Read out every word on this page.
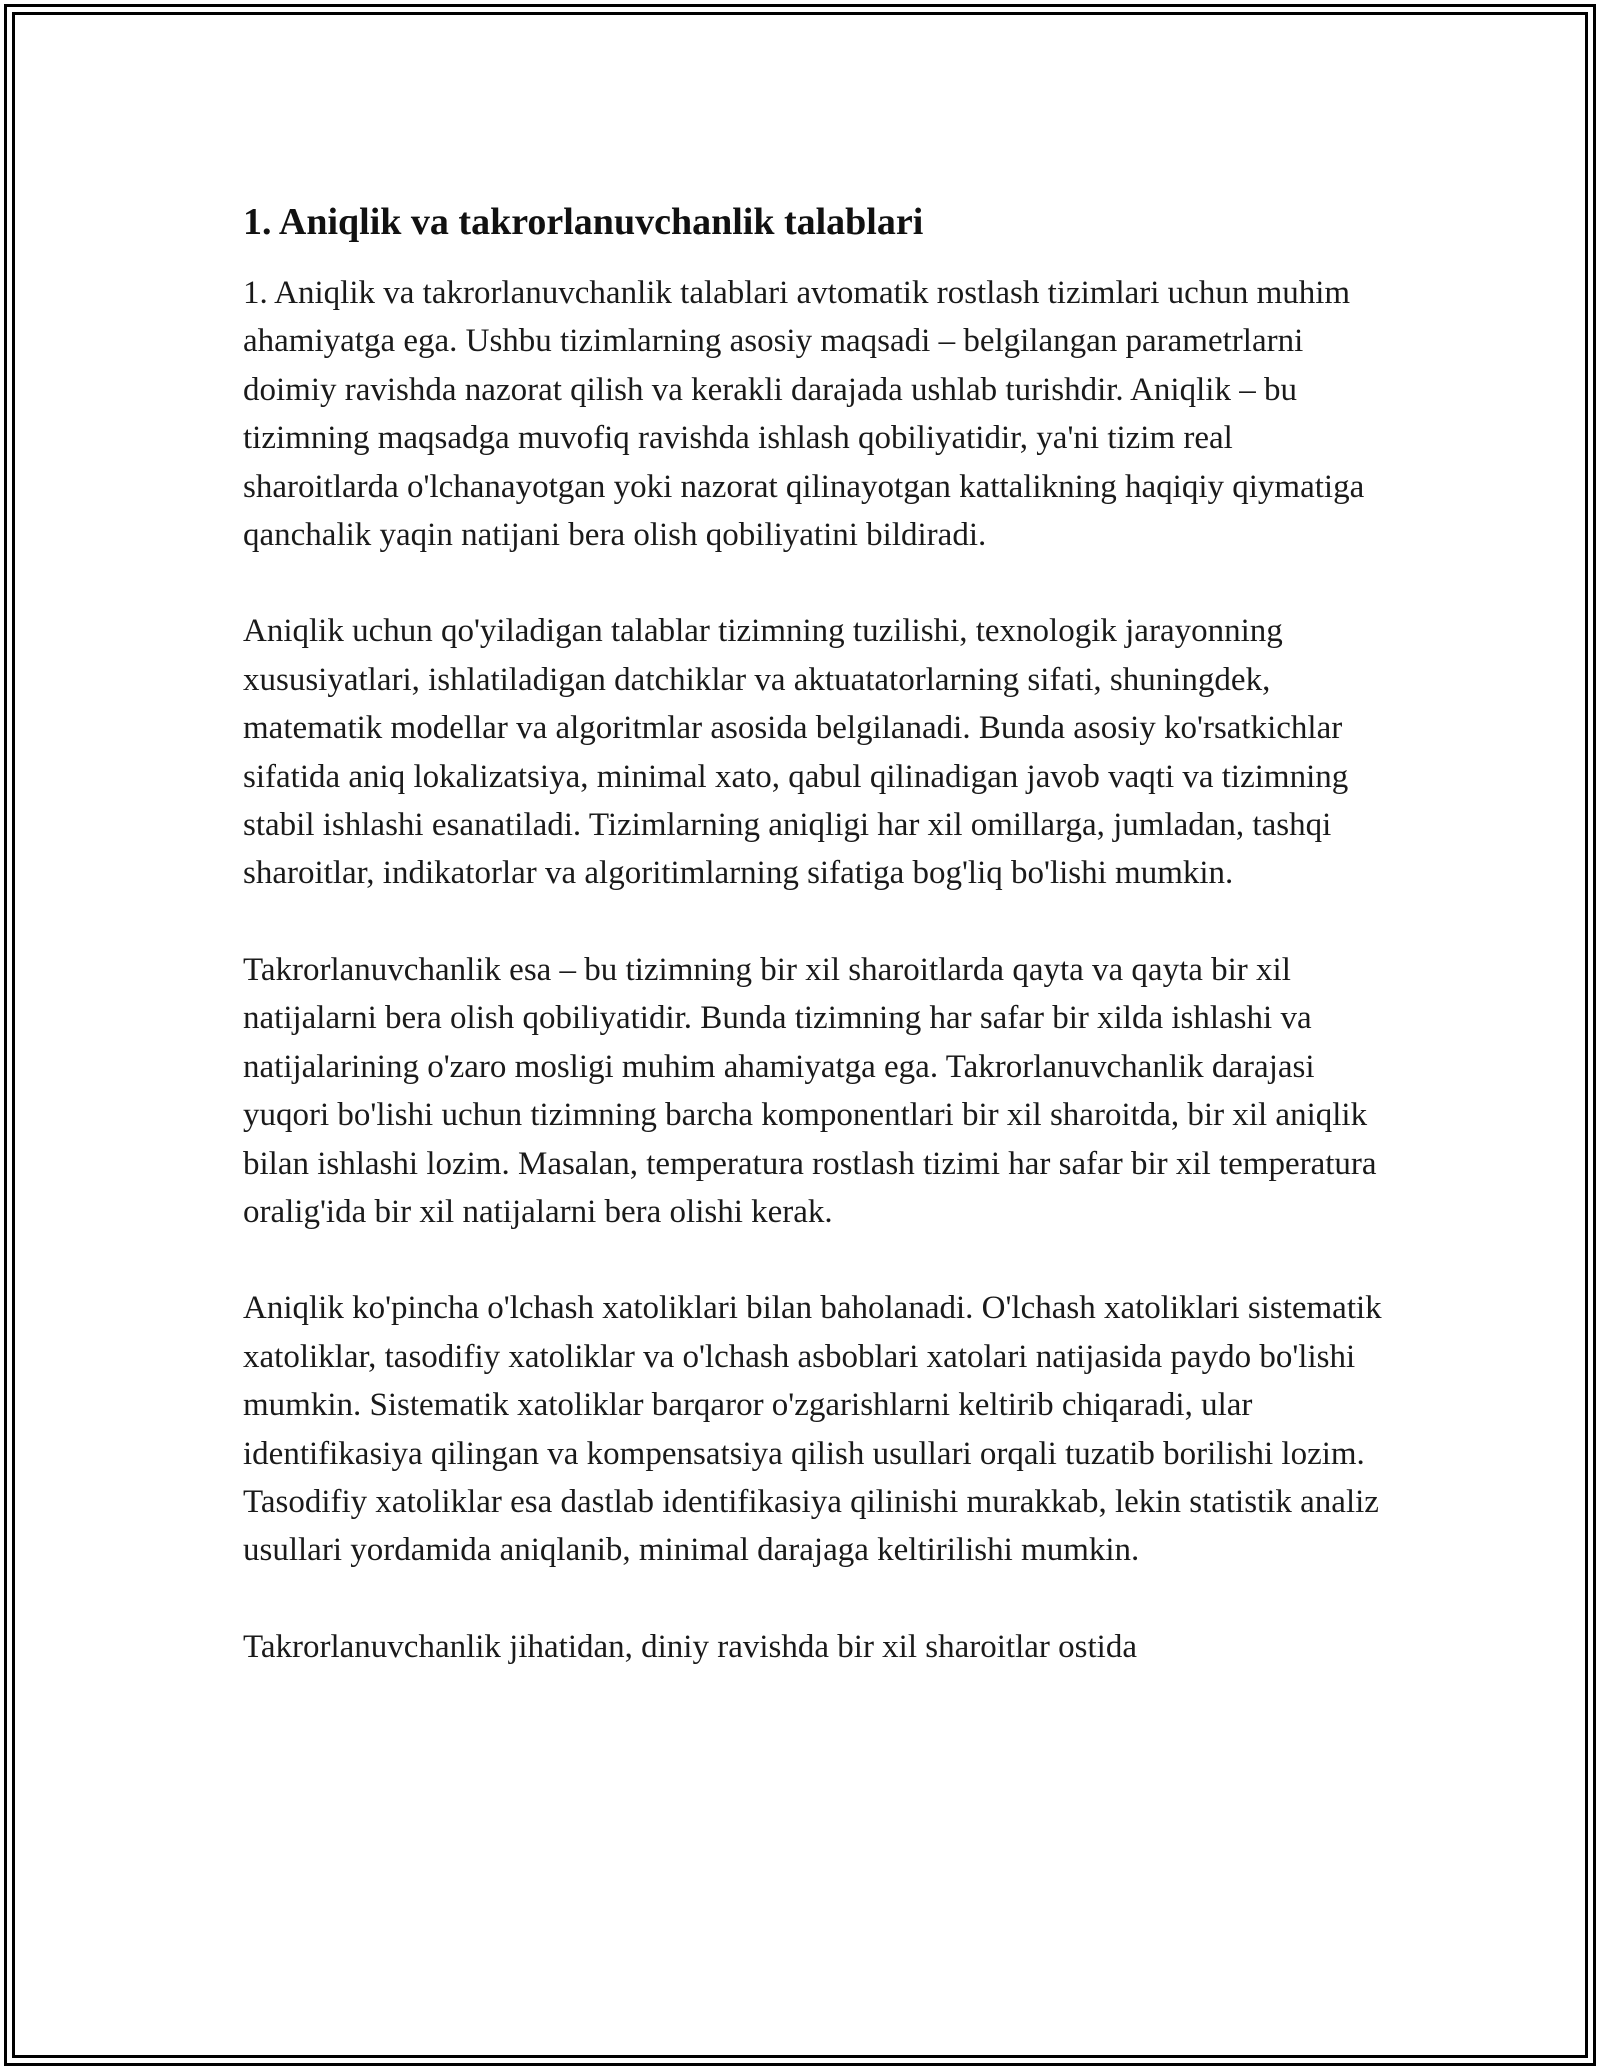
1. Aniqlik va takrorlanuvchanlik talablari

1. Aniqlik va takrorlanuvchanlik talablari avtomatik rostlash tizimlari uchun muhim ahamiyatga ega. Ushbu tizimlarning asosiy maqsadi – belgilangan parametrlarni doimiy ravishda nazorat qilish va kerakli darajada ushlab turishdir. Aniqlik – bu tizimning maqsadga muvofiq ravishda ishlash qobiliyatidir, ya'ni tizim real sharoitlarda o'lchanayotgan yoki nazorat qilinayotgan kattalikning haqiqiy qiymatiga qanchalik yaqin natijani bera olish qobiliyatini bildiradi.

Aniqlik uchun qo'yiladigan talablar tizimning tuzilishi, texnologik jarayonning xususiyatlari, ishlatiladigan datchiklar va aktuatatorlarning sifati, shuningdek, matematik modellar va algoritmlar asosida belgilanadi. Bunda asosiy ko'rsatkichlar sifatida aniq lokalizatsiya, minimal xato, qabul qilinadigan javob vaqti va tizimning stabil ishlashi esanatiladi. Tizimlarning aniqligi har xil omillarga, jumladan, tashqi sharoitlar, indikatorlar va algoritimlarning sifatiga bog'liq bo'lishi mumkin.

Takrorlanuvchanlik esa – bu tizimning bir xil sharoitlarda qayta va qayta bir xil natijalarni bera olish qobiliyatidir. Bunda tizimning har safar bir xilda ishlashi va natijalarining o'zaro mosligi muhim ahamiyatga ega. Takrorlanuvchanlik darajasi yuqori bo'lishi uchun tizimning barcha komponentlari bir xil sharoitda, bir xil aniqlik bilan ishlashi lozim. Masalan, temperatura rostlash tizimi har safar bir xil temperatura oralig'ida bir xil natijalarni bera olishi kerak.

Aniqlik ko'pincha o'lchash xatoliklari bilan baholanadi. O'lchash xatoliklari sistematik xatoliklar, tasodifiy xatoliklar va o'lchash asboblari xatolari natijasida paydo bo'lishi mumkin. Sistematik xatoliklar barqaror o'zgarishlarni keltirib chiqaradi, ular identifikasiya qilingan va kompensatsiya qilish usullari orqali tuzatib borilishi lozim. Tasodifiy xatoliklar esa dastlab identifikasiya qilinishi murakkab, lekin statistik analiz usullari yordamida aniqlanib, minimal darajaga keltirilishi mumkin.

Takrorlanuvchanlik jihatidan, diniy ravishda bir xil sharoitlar ostida
